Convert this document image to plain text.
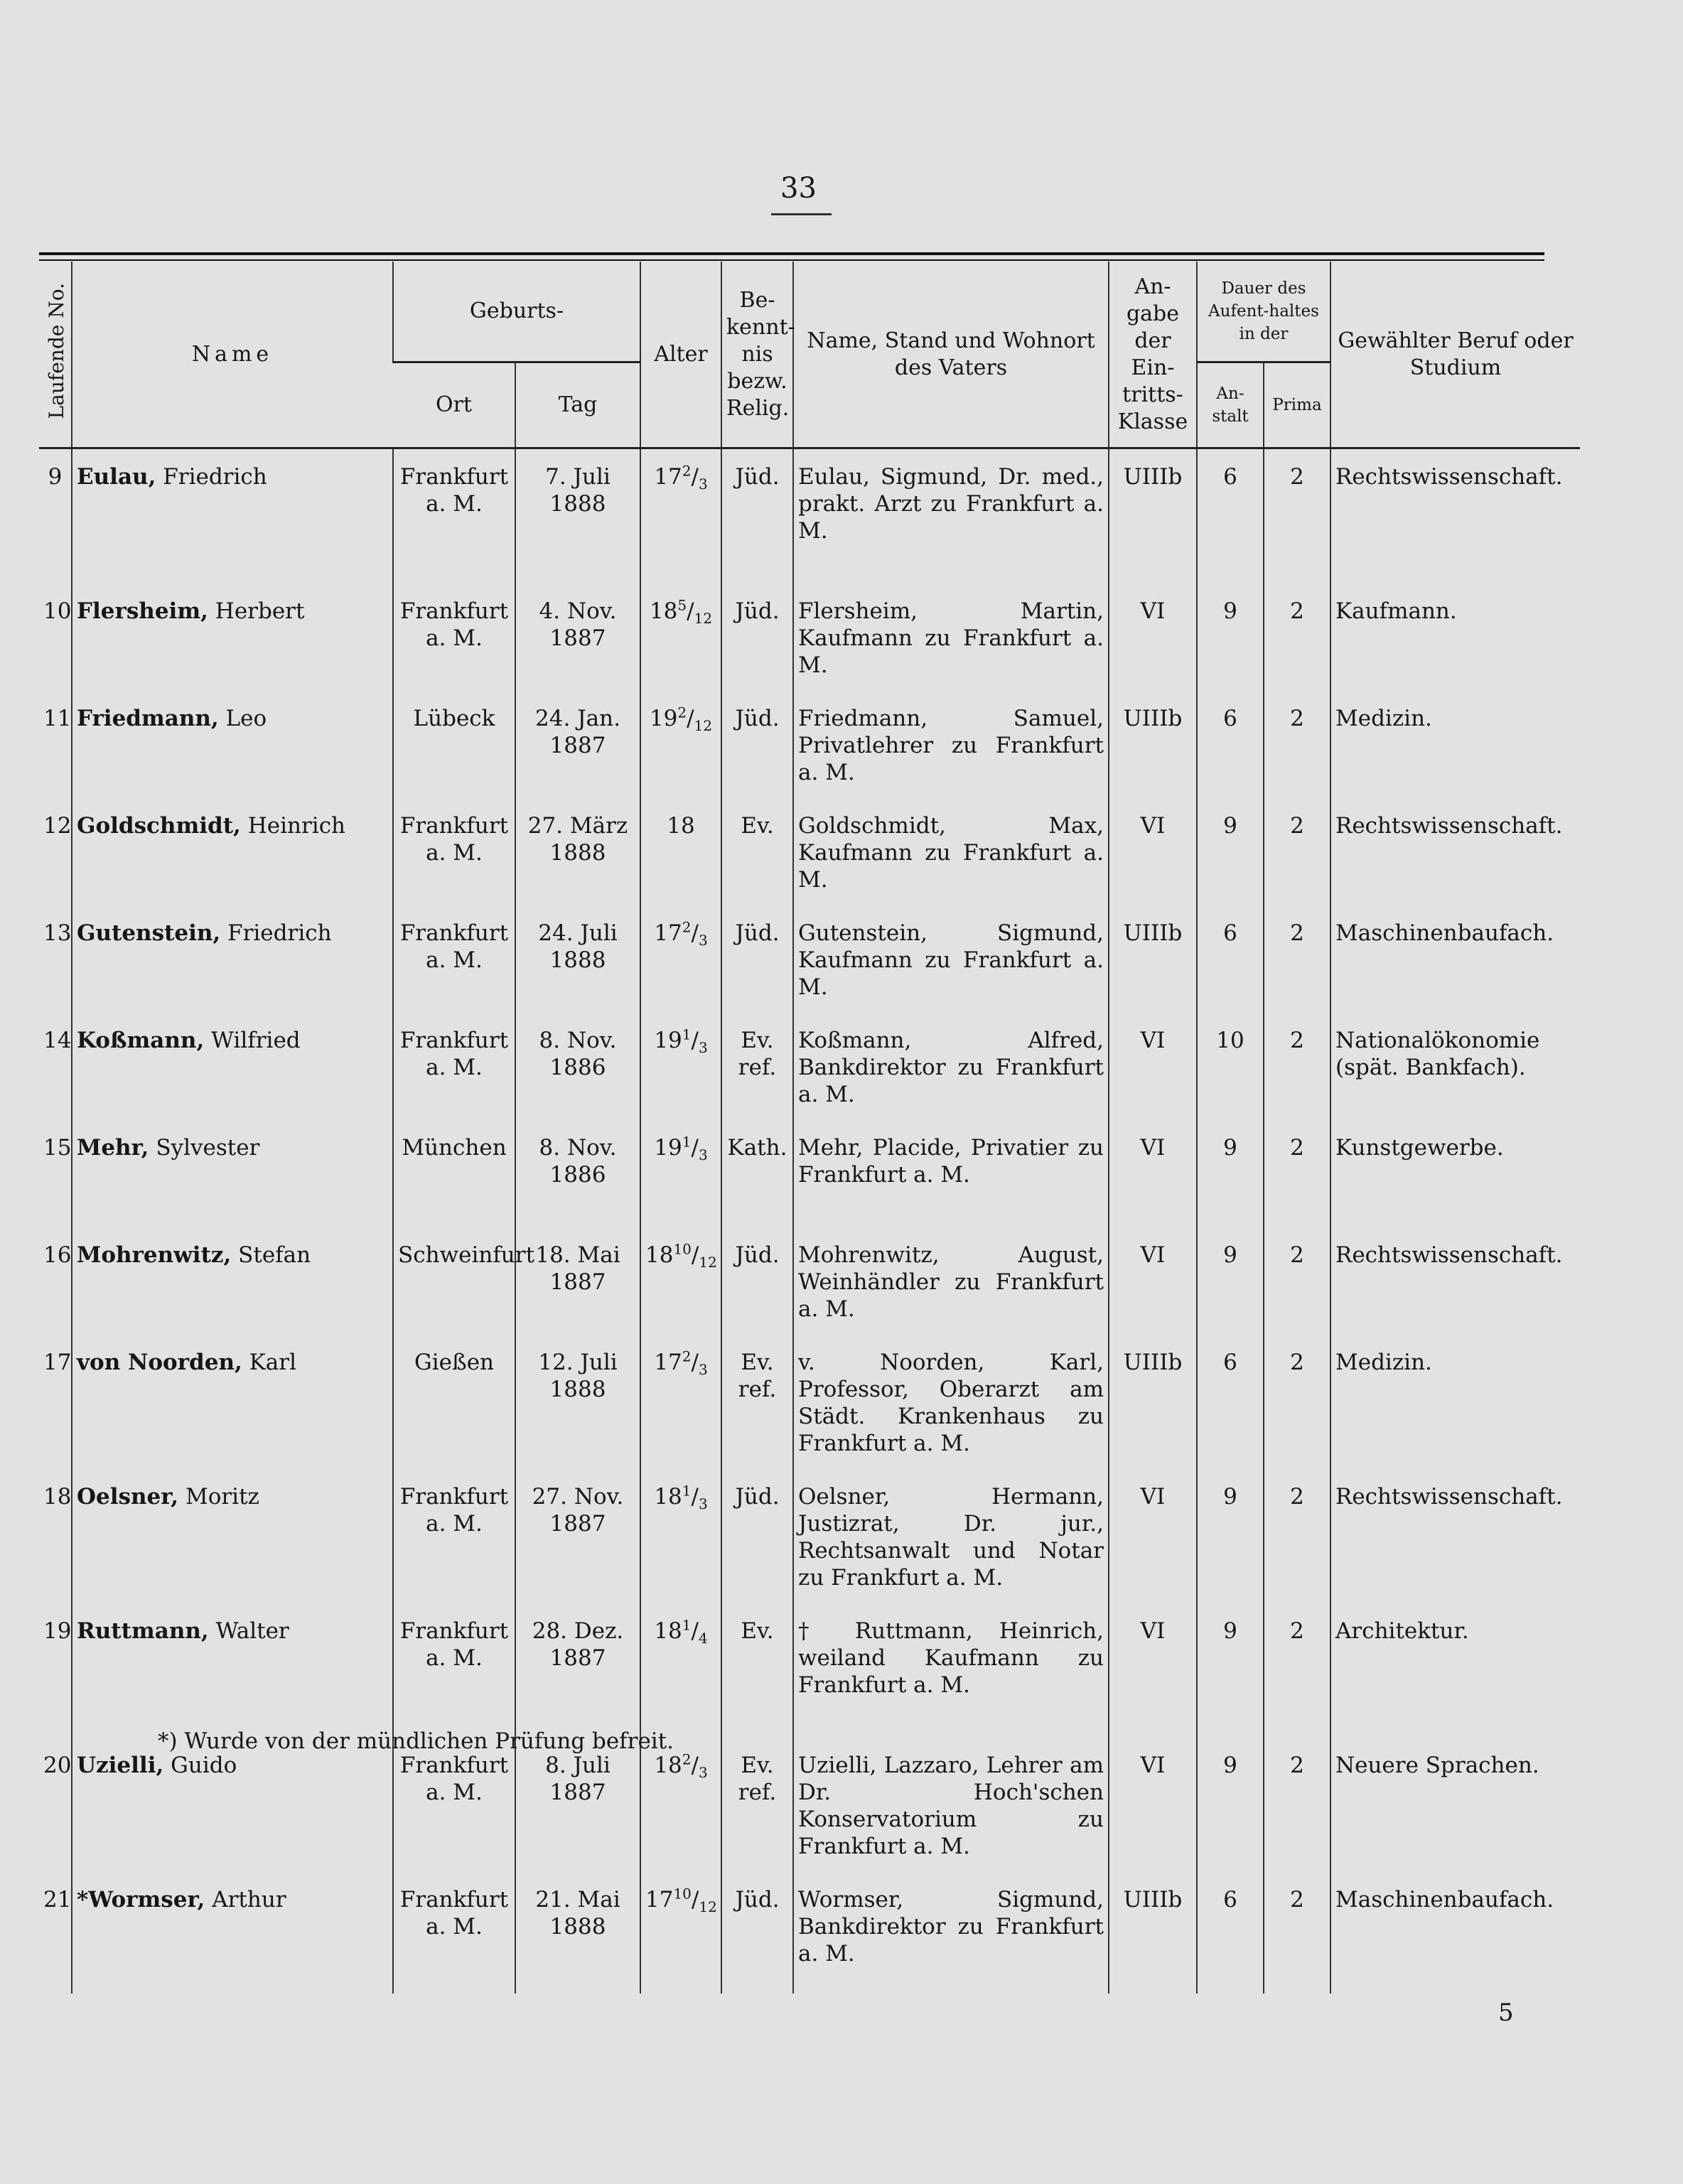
33
Laufende No.	Name	Geburts-		Alter	Be-kennt-nis bezw. Relig.	Name, Stand und Wohnort des Vaters	An-gabe der Ein-tritts-Klasse	Dauer des Aufent-haltes in der		Gewählter Beruf oder Studium
		Ort	Tag					An-stalt	Prima	

9	Eulau, Friedrich	Frankfurt a. M.	7. Juli 1888	$17^2/_3$	Jüd.	Eulau, Sigmund, Dr. med., prakt. Arzt zu Frankfurt a. M.	UIIIb	6	2	Rechtswissenschaft.
10	Flersheim, Herbert	Frankfurt a. M.	4. Nov. 1887	$18^5/_{12}$	Jüd.	Flersheim, Martin, Kaufmann zu Frankfurt a. M.	VI	9	2	Kaufmann.
11	Friedmann, Leo	Lübeck	24. Jan. 1887	$19^2/_{12}$	Jüd.	Friedmann, Samuel, Privatlehrer zu Frankfurt a. M.	UIIIb	6	2	Medizin.
12	Goldschmidt, Heinrich	Frankfurt a. M.	27. März 1888	18	Ev.	Goldschmidt, Max, Kaufmann zu Frankfurt a. M.	VI	9	2	Rechtswissenschaft.
13	Gutenstein, Friedrich	Frankfurt a. M.	24. Juli 1888	$17^2/_3$	Jüd.	Gutenstein, Sigmund, Kaufmann zu Frankfurt a. M.	UIIIb	6	2	Maschinenbaufach.
14	Koßmann, Wilfried	Frankfurt a. M.	8. Nov. 1886	$19^1/_3$	Ev. ref.	Koßmann, Alfred, Bankdirektor zu Frankfurt a. M.	VI	10	2	Nationalökonomie (spät. Bankfach).
15	Mehr, Sylvester	München	8. Nov. 1886	$19^1/_3$	Kath.	Mehr, Placide, Privatier zu Frankfurt a. M.	VI	9	2	Kunstgewerbe.
16	Mohrenwitz, Stefan	Schweinfurt	18. Mai 1887	$18^{10}/_{12}$	Jüd.	Mohrenwitz, August, Weinhändler zu Frankfurt a. M.	VI	9	2	Rechtswissenschaft.
17	von Noorden, Karl	Gießen	12. Juli 1888	$17^2/_3$	Ev. ref.	v. Noorden, Karl, Professor, Oberarzt am Städt. Krankenhaus zu Frankfurt a. M.	UIIIb	6	2	Medizin.
18	Oelsner, Moritz	Frankfurt a. M.	27. Nov. 1887	$18^1/_3$	Jüd.	Oelsner, Hermann, Justizrat, Dr. jur., Rechtsanwalt und Notar zu Frankfurt a. M.	VI	9	2	Rechtswissenschaft.
19	Ruttmann, Walter	Frankfurt a. M.	28. Dez. 1887	$18^1/_4$	Ev.	† Ruttmann, Heinrich, weiland Kaufmann zu Frankfurt a. M.	VI	9	2	Architektur.
20	Uzielli, Guido	Frankfurt a. M.	8. Juli 1887	$18^2/_3$	Ev. ref.	Uzielli, Lazzaro, Lehrer am Dr. Hoch'schen Konservatorium zu Frankfurt a. M.	VI	9	2	Neuere Sprachen.
21	*Wormser, Arthur	Frankfurt a. M.	21. Mai 1888	$17^{10}/_{12}$	Jüd.	Wormser, Sigmund, Bankdirektor zu Frankfurt a. M.	UIIIb	6	2	Maschinenbaufach.
*) Wurde von der mündlichen Prüfung befreit.
5
